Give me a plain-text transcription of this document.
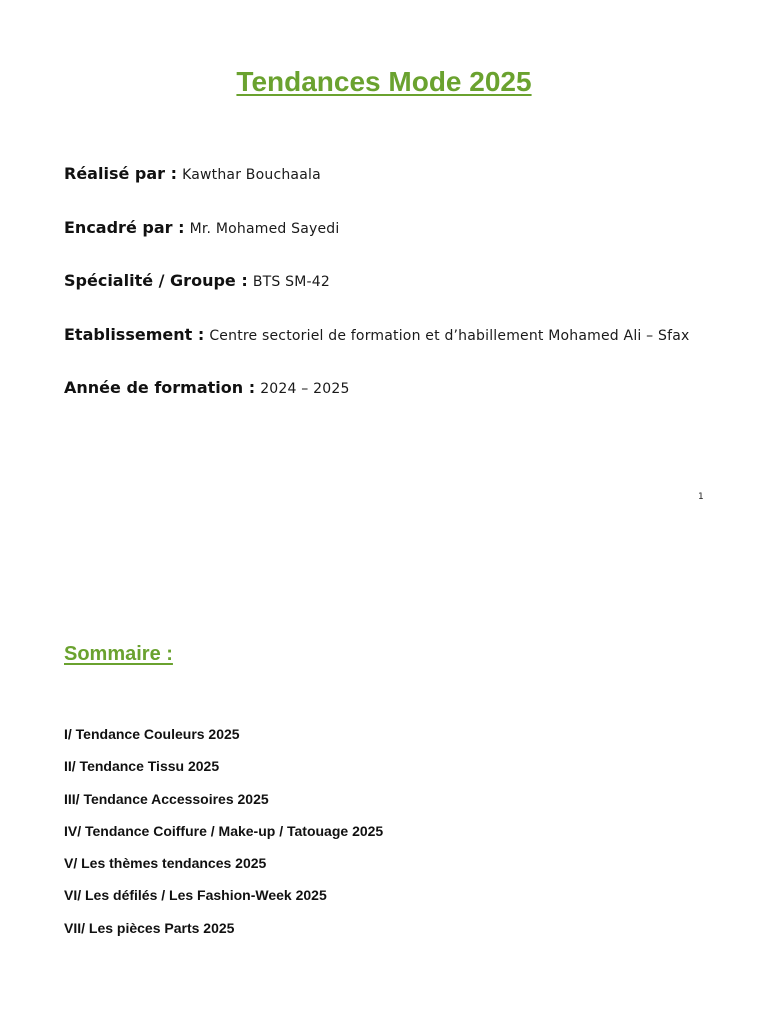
Tendances Mode 2025

Réalisé par : Kawthar Bouchaala

Encadré par : Mr. Mohamed Sayedi

Spécialité / Groupe : BTS SM-42

Etablissement : Centre sectoriel de formation et d’habillement Mohamed Ali – Sfax

Année de formation : 2024 – 2025

1
Sommaire :
I/ Tendance Couleurs 2025
II/ Tendance Tissu 2025
III/ Tendance Accessoires 2025
IV/ Tendance Coiffure / Make-up / Tatouage 2025
V/ Les thèmes tendances 2025
VI/ Les défilés / Les Fashion-Week 2025
VII/ Les pièces Parts 2025
